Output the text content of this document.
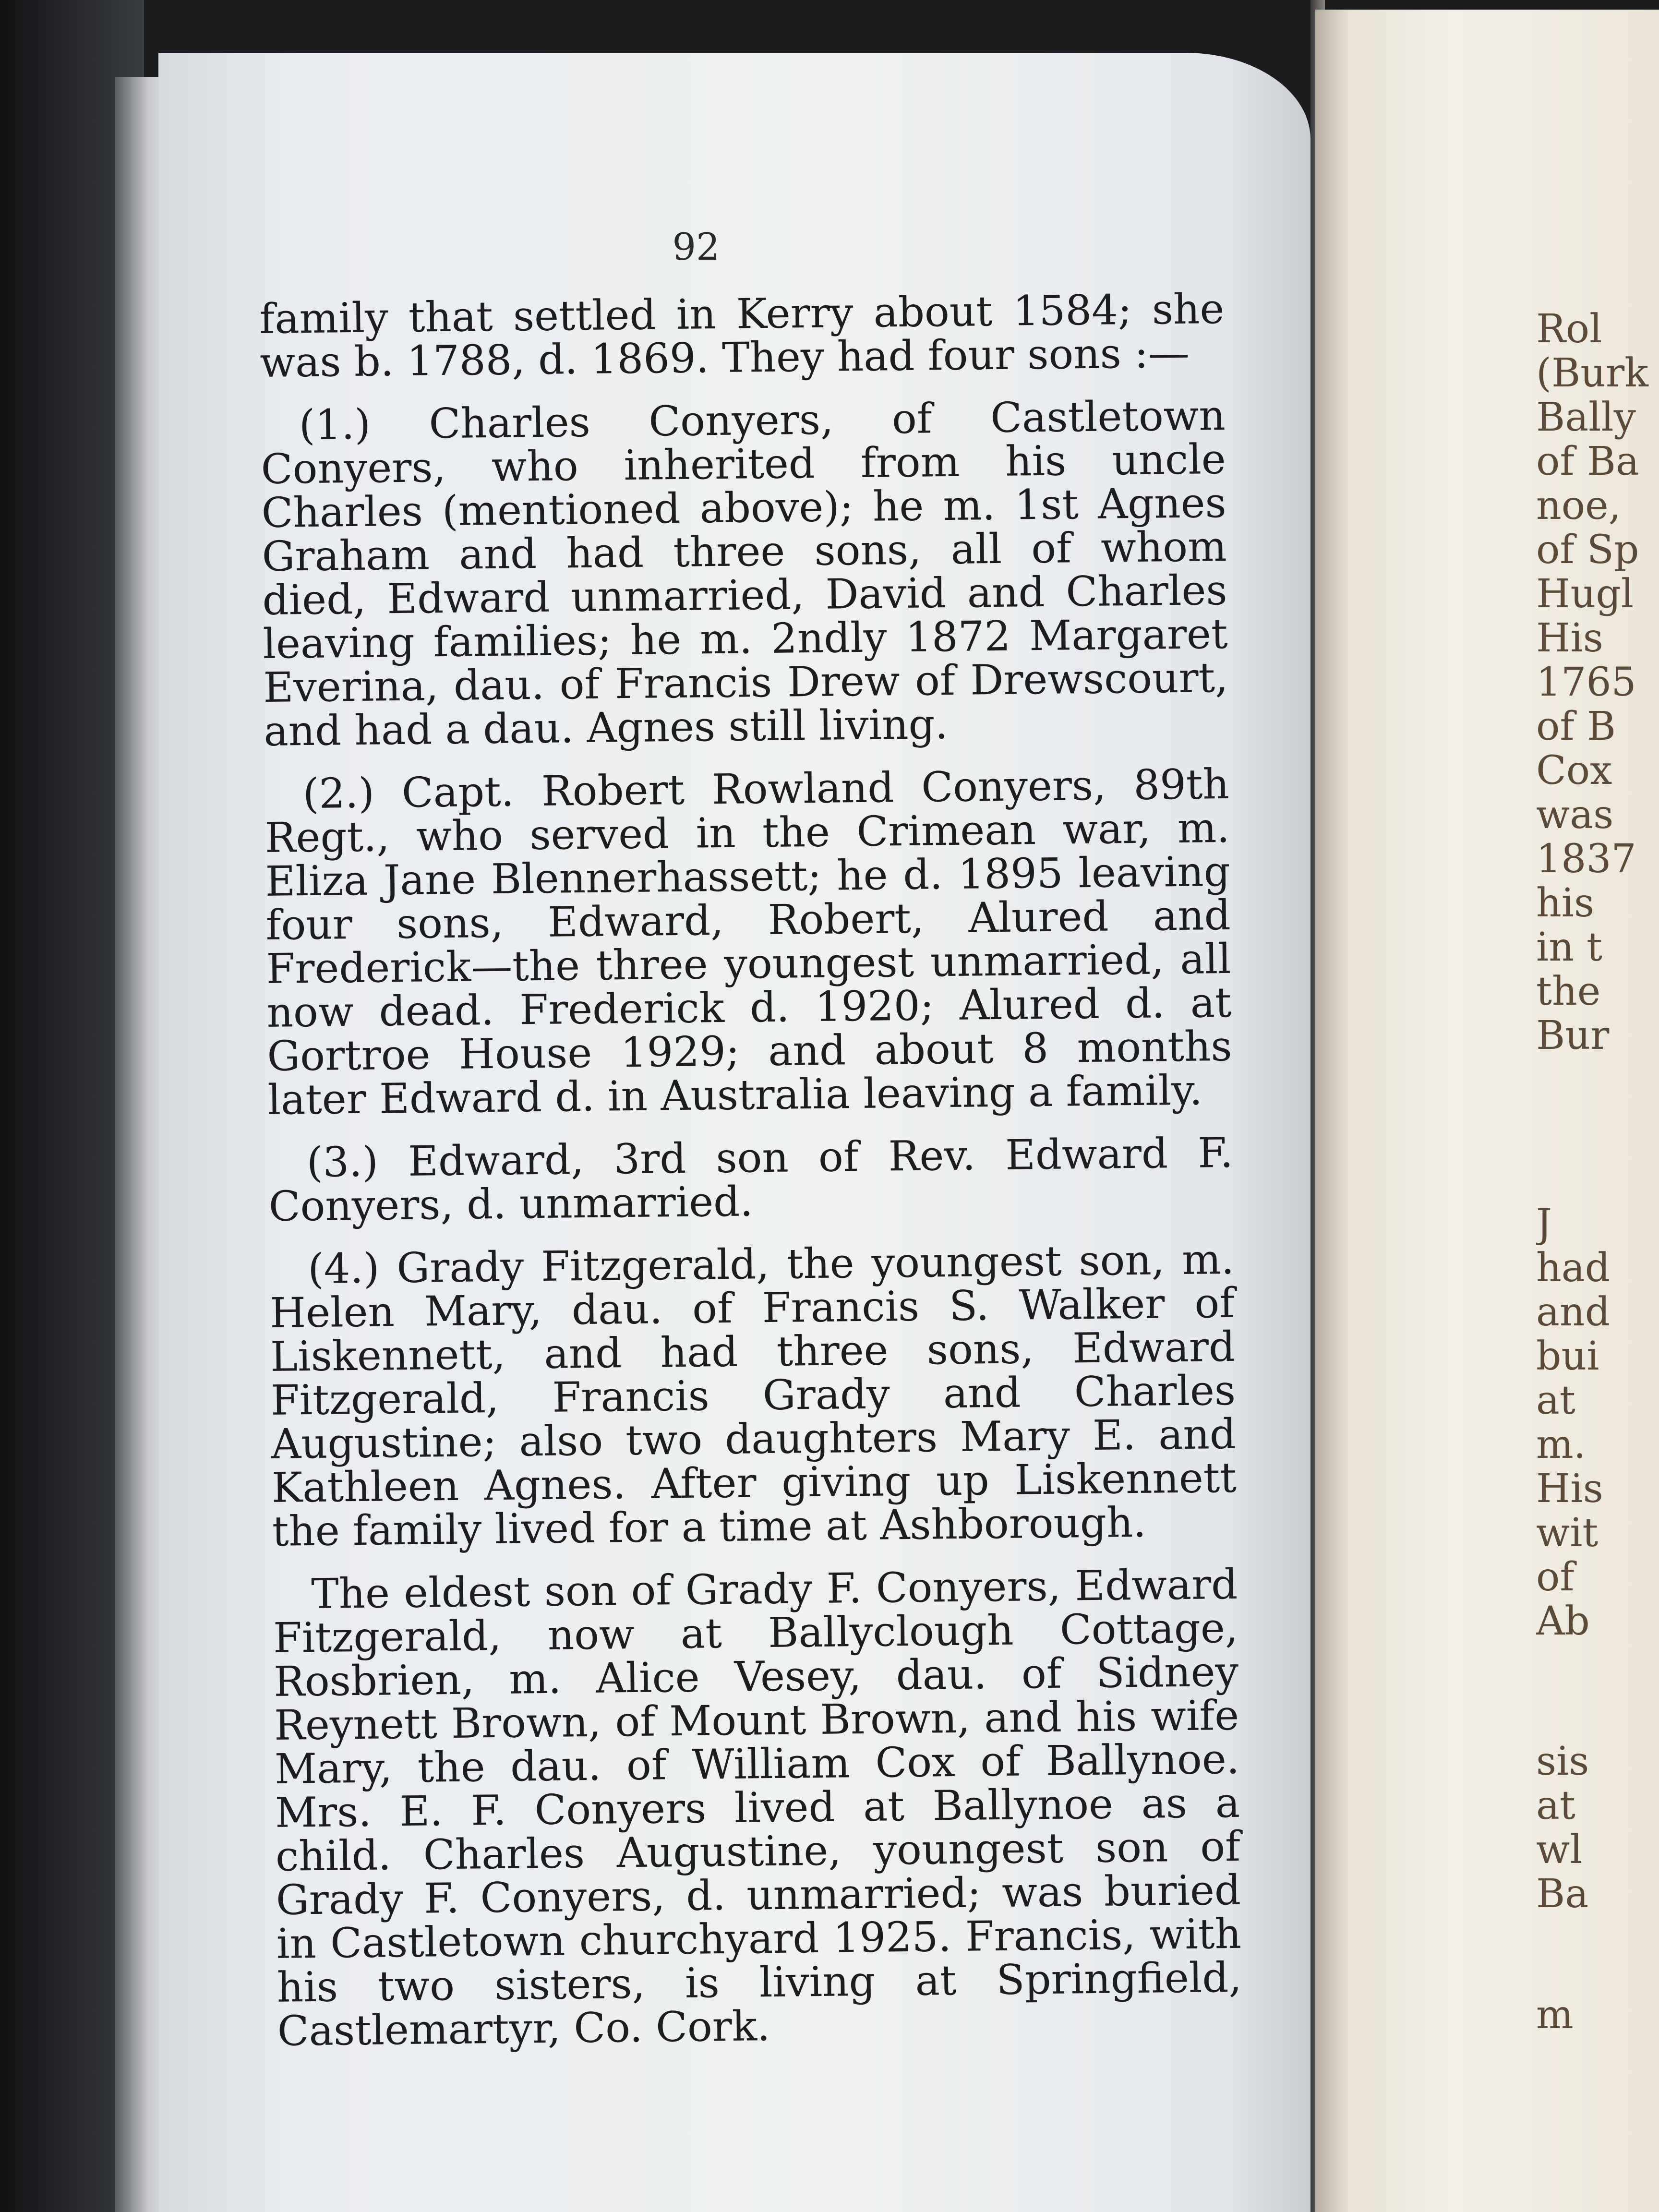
92

family that settled in Kerry about 1584; she was b. 1788, d. 1869. They had four sons :—

(1.) Charles Conyers, of Castletown Conyers, who inherited from his uncle Charles (mentioned above); he m. 1st Agnes Graham and had three sons, all of whom died, Edward unmarried, David and Charles leaving families; he m. 2ndly 1872 Margaret Everina, dau. of Francis Drew of Drewscourt, and had a dau. Agnes still living.

(2.) Capt. Robert Rowland Conyers, 89th Regt., who served in the Crimean war, m. Eliza Jane Blennerhassett; he d. 1895 leaving four sons, Edward, Robert, Alured and Frederick—the three youngest unmarried, all now dead. Frederick d. 1920; Alured d. at Gortroe House 1929; and about 8 months later Edward d. in Australia leaving a family.

(3.) Edward, 3rd son of Rev. Edward F. Conyers, d. unmarried.

(4.) Grady Fitzgerald, the youngest son, m. Helen Mary, dau. of Francis S. Walker of Liskennett, and had three sons, Edward Fitzgerald, Francis Grady and Charles Augustine; also two daughters Mary E. and Kathleen Agnes. After giving up Liskennett the family lived for a time at Ashborough.

The eldest son of Grady F. Conyers, Edward Fitzgerald, now at Ballyclough Cottage, Rosbrien, m. Alice Vesey, dau. of Sidney Reynett Brown, of Mount Brown, and his wife Mary, the dau. of William Cox of Ballynoe. Mrs. E. F. Conyers lived at Ballynoe as a child. Charles Augustine, youngest son of Grady F. Conyers, d. unmarried; was buried in Castletown churchyard 1925. Francis, with his two sisters, is living at Springfield, Castlemartyr, Co. Cork.

Rol
(Burk
Bally
of Ba
noe,
of Sp
Hugl
His
1765
of B
Cox
was
1837
his
in t
the
Bur
J
had
and
bui
at
m.
His
wit
of
Ab
sis
at
wl
Ba
m
